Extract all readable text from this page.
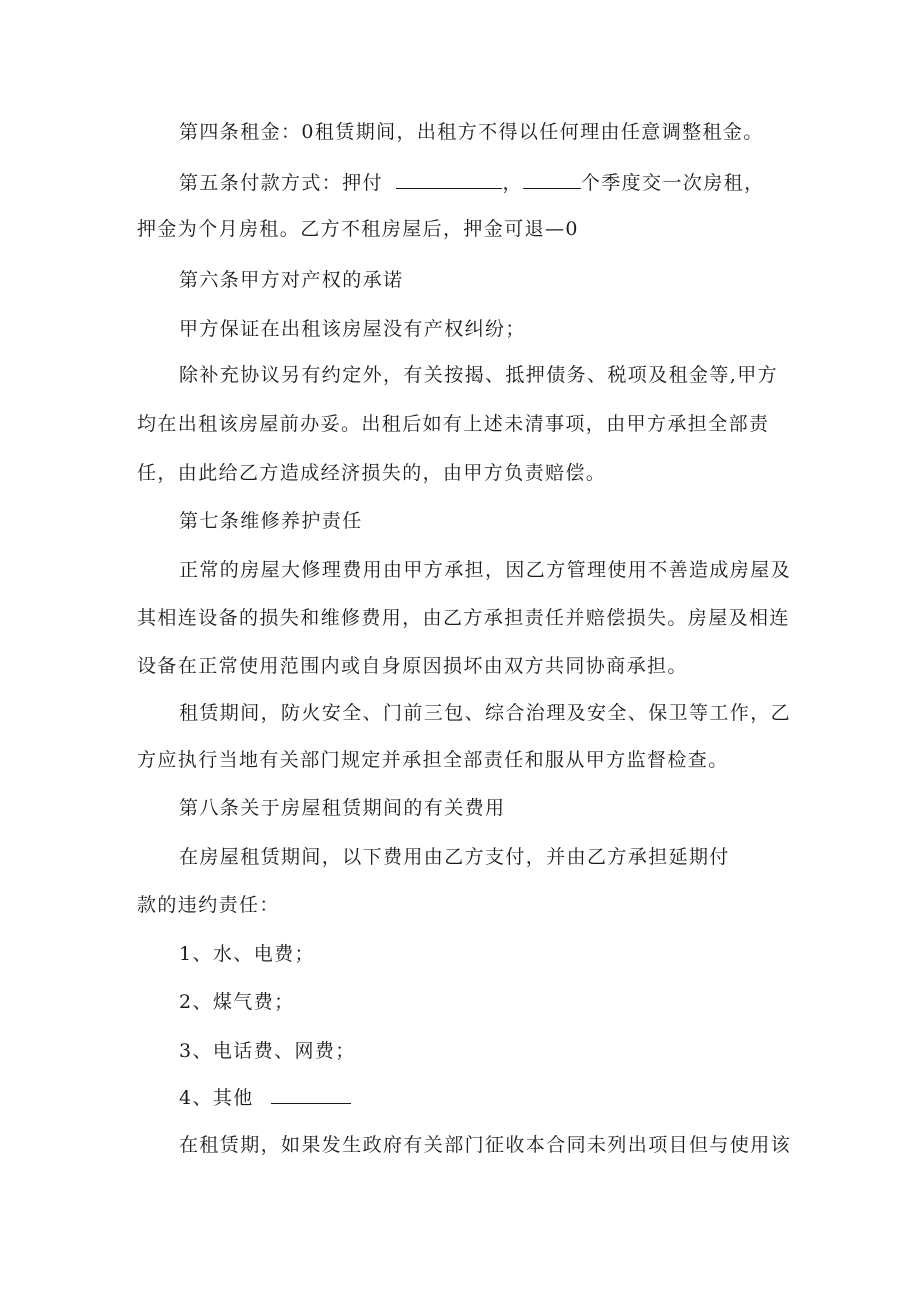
第四条租金：0租赁期间，出租方不得以任何理由任意调整租金。
第五条付款方式：押付	，	个季度交一次房租，
押金为个月房租。乙方不租房屋后，押金可退—0
第六条甲方对产权的承诺
甲方保证在出租该房屋没有产权纠纷；
除补充协议另有约定外，有关按揭、抵押债务、税项及租金等,甲方
均在出租该房屋前办妥。出租后如有上述未清事项，由甲方承担全部责
任，由此给乙方造成经济损失的，由甲方负责赔偿。
第七条维修养护责任
正常的房屋大修理费用由甲方承担，因乙方管理使用不善造成房屋及
其相连设备的损失和维修费用，由乙方承担责任并赔偿损失。房屋及相连
设备在正常使用范围内或自身原因损坏由双方共同协商承担。
租赁期间，防火安全、门前三包、综合治理及安全、保卫等工作，乙
方应执行当地有关部门规定并承担全部责任和服从甲方监督检查。
第八条关于房屋租赁期间的有关费用
在房屋租赁期间，以下费用由乙方支付，并由乙方承担延期付
款的违约责任：
1、水、电费；
2、煤气费；
3、电话费、网费；
4、其他
在租赁期，如果发生政府有关部门征收本合同未列出项目但与使用该
